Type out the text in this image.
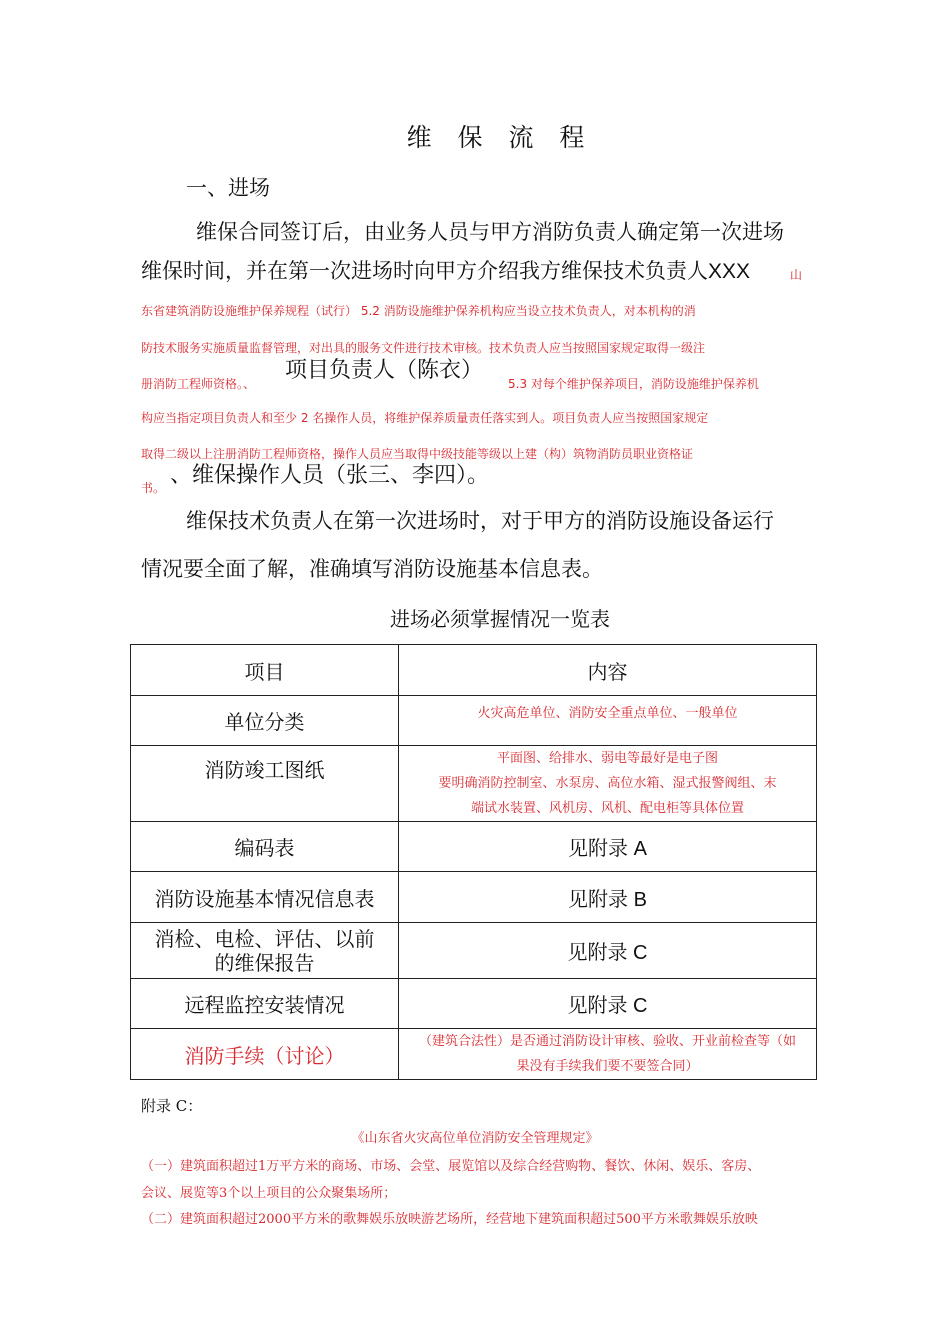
维 保 流 程
一、进场
维保合同签订后，由业务人员与甲方消防负责人确定第一次进场
维保时间，并在第一次进场时向甲方介绍我方维保技术负责人XXX	山
东省建筑消防设施维护保养规程（试行） 5.2 消防设施维护保养机构应当设立技术负责人，对本机构的消
防技术服务实施质量监督管理，对出具的服务文件进行技术审核。技术负责人应当按照国家规定取得一级注
册消防工程师资格。、
项目负责人（陈衣）
5.3 对每个维护保养项目，消防设施维护保养机
构应当指定项目负责人和至少 2 名操作人员，将维护保养质量责任落实到人。项目负责人应当按照国家规定
取得二级以上注册消防工程师资格，操作人员应当取得中级技能等级以上建（构）筑物消防员职业资格证
书。 、维保操作人员（张三、李四）。
维保技术负责人在第一次进场时，对于甲方的消防设施设备运行
情况要全面了解，准确填写消防设施基本信息表。
进场必须掌握情况一览表
项目	内容
单位分类	火灾高危单位、消防安全重点单位、一般单位
消防竣工图纸	平面图、给排水、弱电等最好是电子图
要明确消防控制室、水泵房、高位水箱、湿式报警阀组、末
端试水装置、风机房、风机、配电柜等具体位置

编码表	见附录 A
消防设施基本情况信息表	见附录 B

消检、电检、评估、以前
的维保报告	见附录 C
远程监控安装情况	见附录 C
消防手续（讨论）	（建筑合法性）是否通过消防设计审核、验收、开业前检查等（如
果没有手续我们要不要签合同）
附录 C：
《山东省火灾高位单位消防安全管理规定》
（一）建筑面积超过1万平方米的商场、市场、会堂、展览馆以及综合经营购物、餐饮、休闲、娱乐、客房、
会议、展览等3个以上项目的公众聚集场所；
（二）建筑面积超过2000平方米的歌舞娱乐放映游艺场所，经营地下建筑面积超过500平方米歌舞娱乐放映
